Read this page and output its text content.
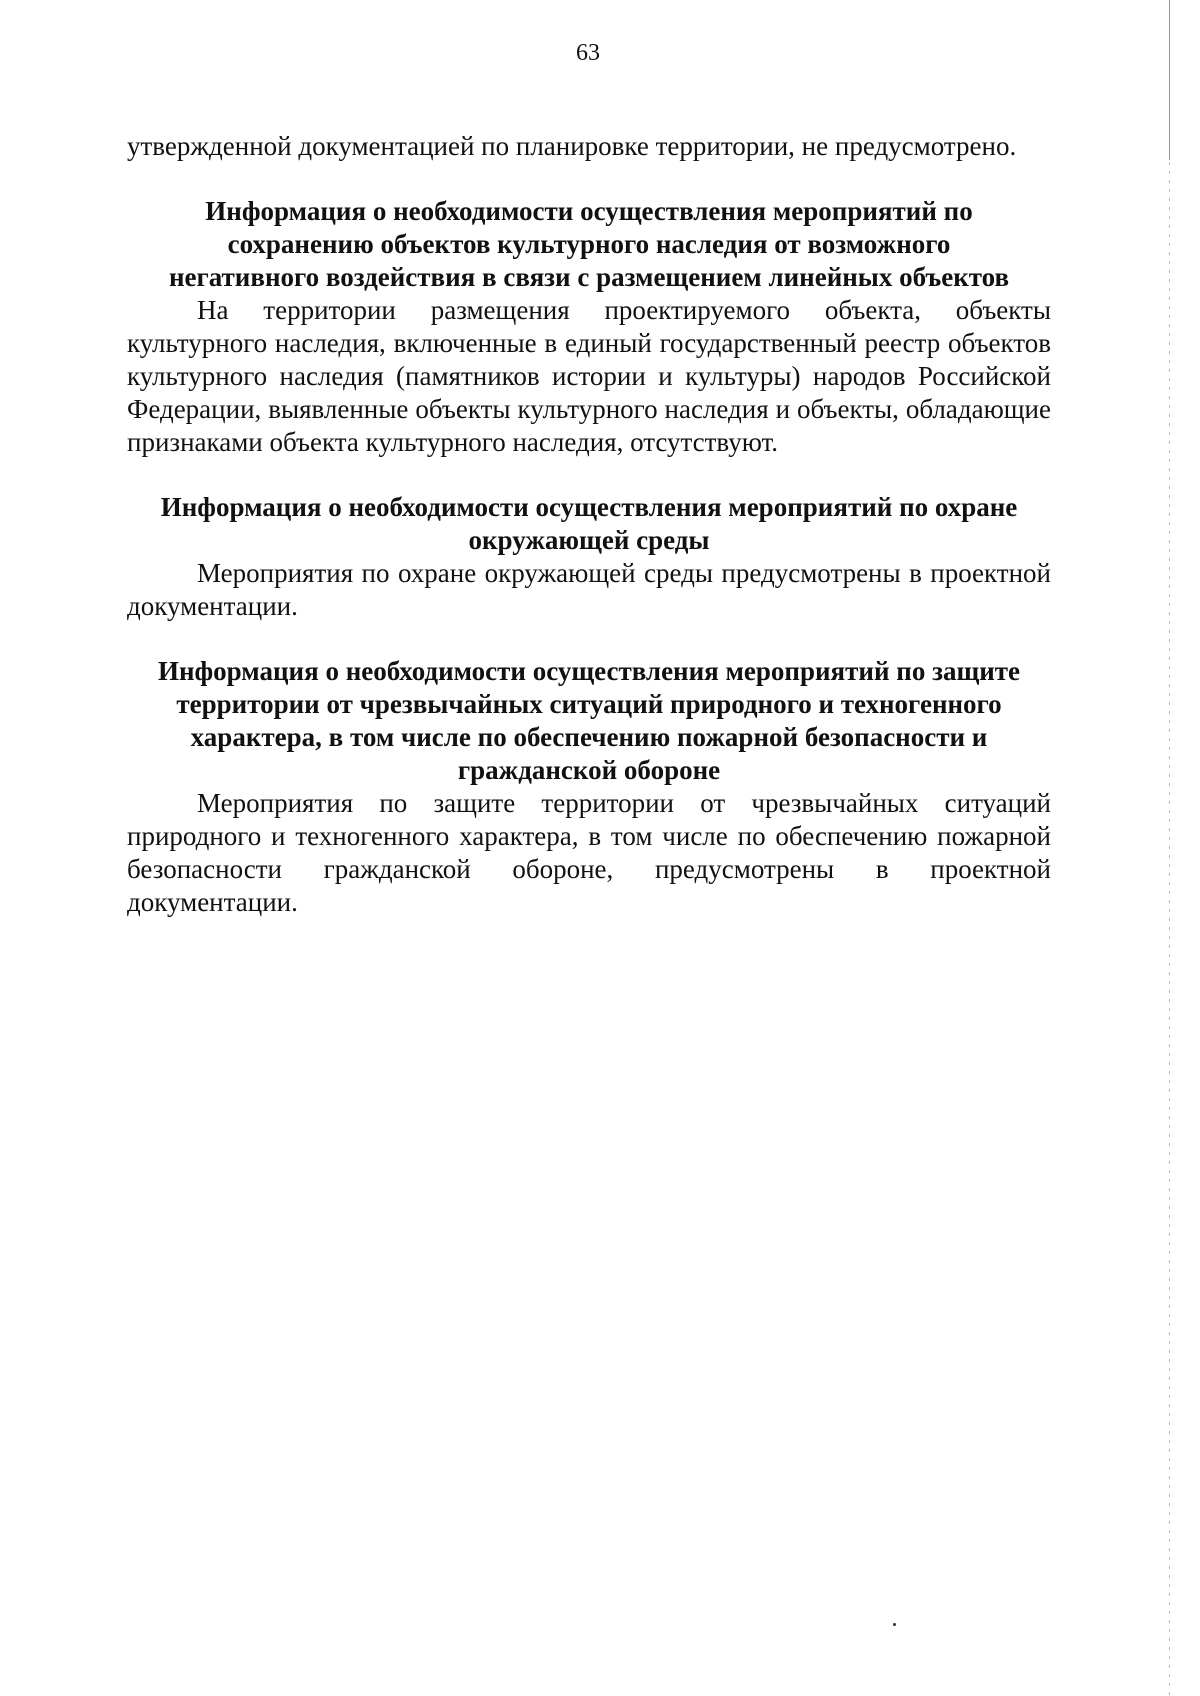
63

утвержденной документацией по планировке территории, не предусмотрено.

Информация о необходимости осуществления мероприятий по
сохранению объектов культурного наследия от возможного
негативного воздействия в связи с размещением линейных объектов

На территории размещения проектируемого объекта, объекты культурного наследия, включенные в единый государственный реестр объектов культурного наследия (памятников истории и культуры) народов Российской Федерации, выявленные объекты культурного наследия и объекты, обладающие признаками объекта культурного наследия, отсутствуют.

Информация о необходимости осуществления мероприятий по охране
окружающей среды

Мероприятия по охране окружающей среды предусмотрены в проектной документации.

Информация о необходимости осуществления мероприятий по защите
территории от чрезвычайных ситуаций природного и техногенного
характера, в том числе по обеспечению пожарной безопасности и
гражданской обороне

Мероприятия по защите территории от чрезвычайных ситуаций природного и техногенного характера, в том числе по обеспечению пожарной безопасности гражданской обороне, предусмотрены в проектной документации.
